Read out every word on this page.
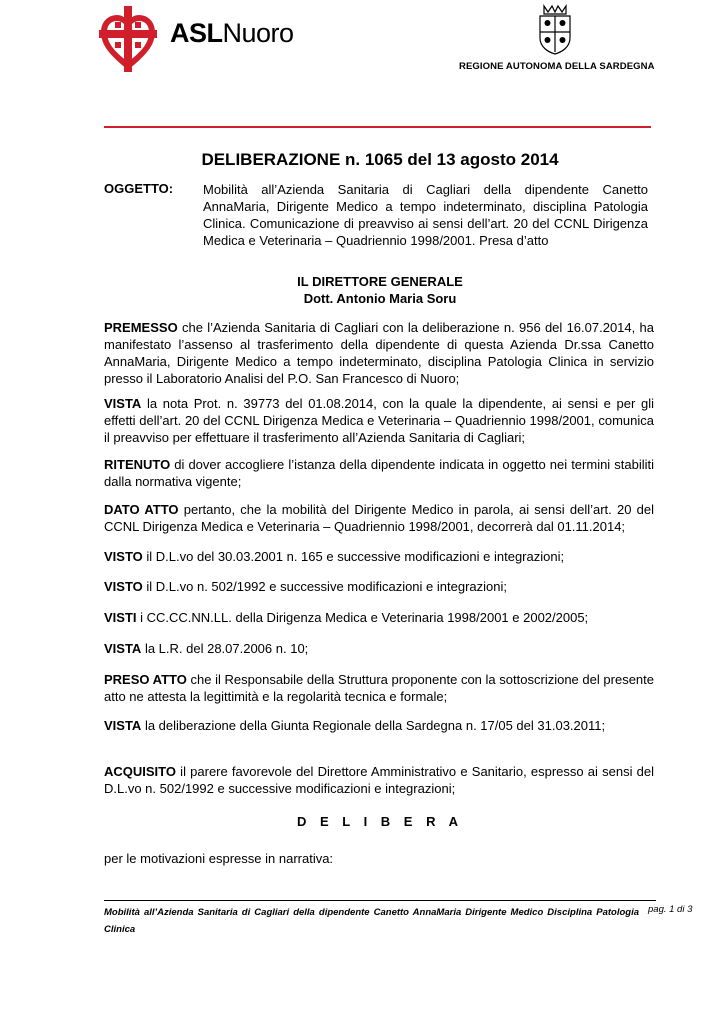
ASLNuoro
REGIONE AUTONOMA DELLA SARDEGNA
DELIBERAZIONE n. 1065 del 13 agosto 2014
OGGETTO: Mobilità all’Azienda Sanitaria di Cagliari della dipendente Canetto AnnaMaria, Dirigente Medico a tempo indeterminato, disciplina Patologia Clinica. Comunicazione di preavviso ai sensi dell’art. 20 del CCNL Dirigenza Medica e Veterinaria – Quadriennio 1998/2001. Presa d’atto
IL DIRETTORE GENERALE
Dott. Antonio Maria Soru
PREMESSO che l’Azienda Sanitaria di Cagliari con la deliberazione n. 956 del 16.07.2014, ha manifestato l’assenso al trasferimento della dipendente di questa Azienda Dr.ssa Canetto AnnaMaria, Dirigente Medico a tempo indeterminato, disciplina Patologia Clinica in servizio presso il Laboratorio Analisi del P.O. San Francesco di Nuoro;
VISTA la nota Prot. n. 39773 del 01.08.2014, con la quale la dipendente, ai sensi e per gli effetti dell’art. 20 del CCNL Dirigenza Medica e Veterinaria – Quadriennio 1998/2001, comunica il preavviso per effettuare il trasferimento all’Azienda Sanitaria di Cagliari;
RITENUTO di dover accogliere l’istanza della dipendente indicata in oggetto nei termini stabiliti dalla normativa vigente;
DATO ATTO pertanto, che la mobilità del Dirigente Medico in parola, ai sensi dell’art. 20 del CCNL Dirigenza Medica e Veterinaria – Quadriennio 1998/2001, decorrerà dal 01.11.2014;
VISTO il D.L.vo del 30.03.2001 n. 165 e successive modificazioni e integrazioni;
VISTO il D.L.vo n. 502/1992 e successive modificazioni e integrazioni;
VISTI i CC.CC.NN.LL. della Dirigenza Medica e Veterinaria 1998/2001 e 2002/2005;
VISTA la L.R. del 28.07.2006 n. 10;
PRESO ATTO che il Responsabile della Struttura proponente con la sottoscrizione del presente atto ne attesta la legittimità e la regolarità tecnica e formale;
VISTA la deliberazione della Giunta Regionale della Sardegna n. 17/05 del 31.03.2011;
ACQUISITO il parere favorevole del Direttore Amministrativo e Sanitario, espresso ai sensi del D.L.vo n. 502/1992 e successive modificazioni e integrazioni;
D E L I B E R A
per le motivazioni espresse in narrativa:
Mobilità all’Azienda Sanitaria di Cagliari della dipendente Canetto AnnaMaria Dirigente Medico Disciplina Patologia Clinica
pag. 1 di 3
